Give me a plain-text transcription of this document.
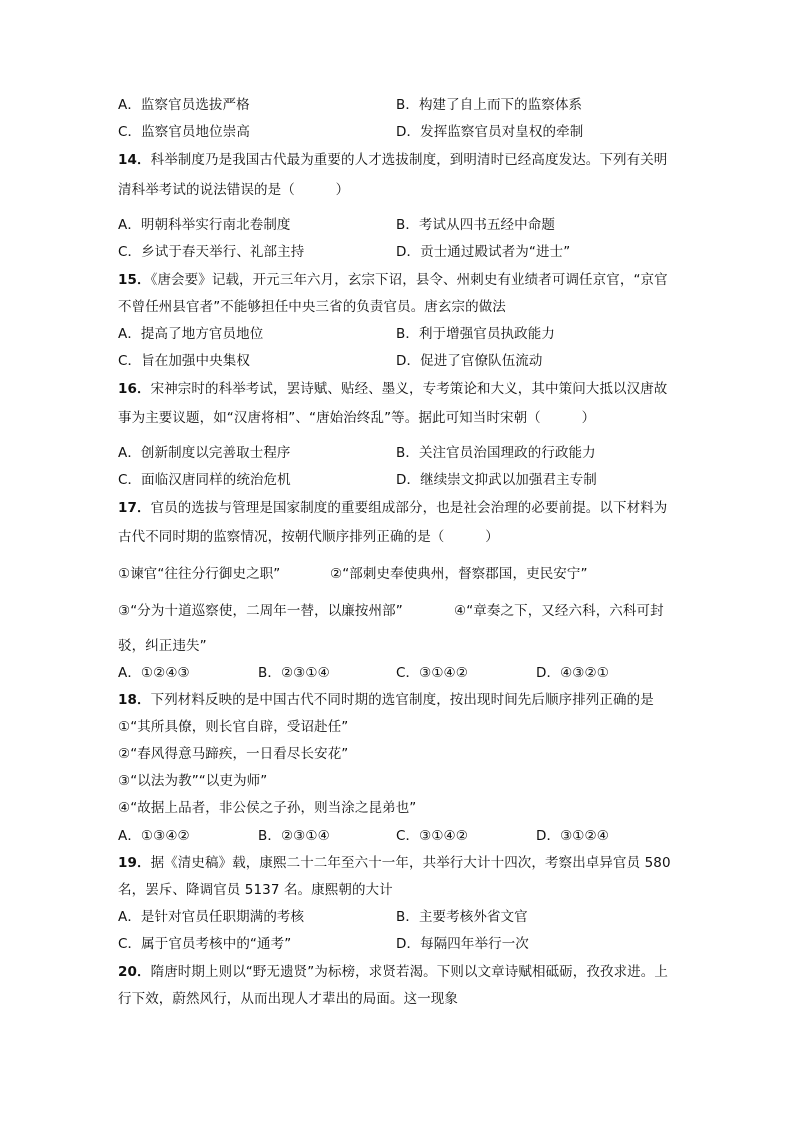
A．监察官员选拔严格	B．构建了自上而下的监察体系
C．监察官员地位崇高	D．发挥监察官员对皇权的牵制
14．科举制度乃是我国古代最为重要的人才选拔制度，到明清时已经高度发达。下列有关明
清科举考试的说法错误的是（　　　）
A．明朝科举实行南北卷制度	B．考试从四书五经中命题
C．乡试于春天举行、礼部主持	D．贡士通过殿试者为“进士”
15．《唐会要》记载，开元三年六月，玄宗下诏，县令、州刺史有业绩者可调任京官，“京官
不曾任州县官者”不能够担任中央三省的负责官员。唐玄宗的做法
A．提高了地方官员地位	B．利于增强官员执政能力
C．旨在加强中央集权	D．促进了官僚队伍流动
16．宋神宗时的科举考试，罢诗赋、贴经、墨义，专考策论和大义，其中策问大抵以汉唐故
事为主要议题，如“汉唐将相”、“唐始治终乱”等。据此可知当时宋朝（　　　）
A．创新制度以完善取士程序	B．关注官员治国理政的行政能力
C．面临汉唐同样的统治危机	D．继续崇文抑武以加强君主专制
17．官员的选拔与管理是国家制度的重要组成部分，也是社会治理的必要前提。以下材料为
古代不同时期的监察情况，按朝代顺序排列正确的是（　　　）
①谏官“往往分行御史之职”	②“部刺史奉使典州，督察郡国，吏民安宁”
③“分为十道巡察使，二周年一替，以廉按州部”	④“章奏之下，又经六科，六科可封
驳，纠正违失”
A．①②④③	B．②③①④	C．③①④②	D．④③②①
18．下列材料反映的是中国古代不同时期的选官制度，按出现时间先后顺序排列正确的是
①“其所具僚，则长官自辟，受诏赴任”
②“春风得意马蹄疾，一日看尽长安花”
③“以法为教”“以吏为师”
④“故据上品者，非公侯之子孙，则当涂之昆弟也”
A．①③④②	B．②③①④	C．③①④②	D．③①②④
19．据《清史稿》载，康熙二十二年至六十一年，共举行大计十四次，考察出卓异官员 580
名，罢斥、降调官员 5137 名。康熙朝的大计
A．是针对官员任职期满的考核	B．主要考核外省文官
C．属于官员考核中的“通考”	D．每隔四年举行一次
20．隋唐时期上则以“野无遗贤”为标榜，求贤若渴。下则以文章诗赋相砥砺，孜孜求进。上
行下效，蔚然风行，从而出现人才辈出的局面。这一现象
